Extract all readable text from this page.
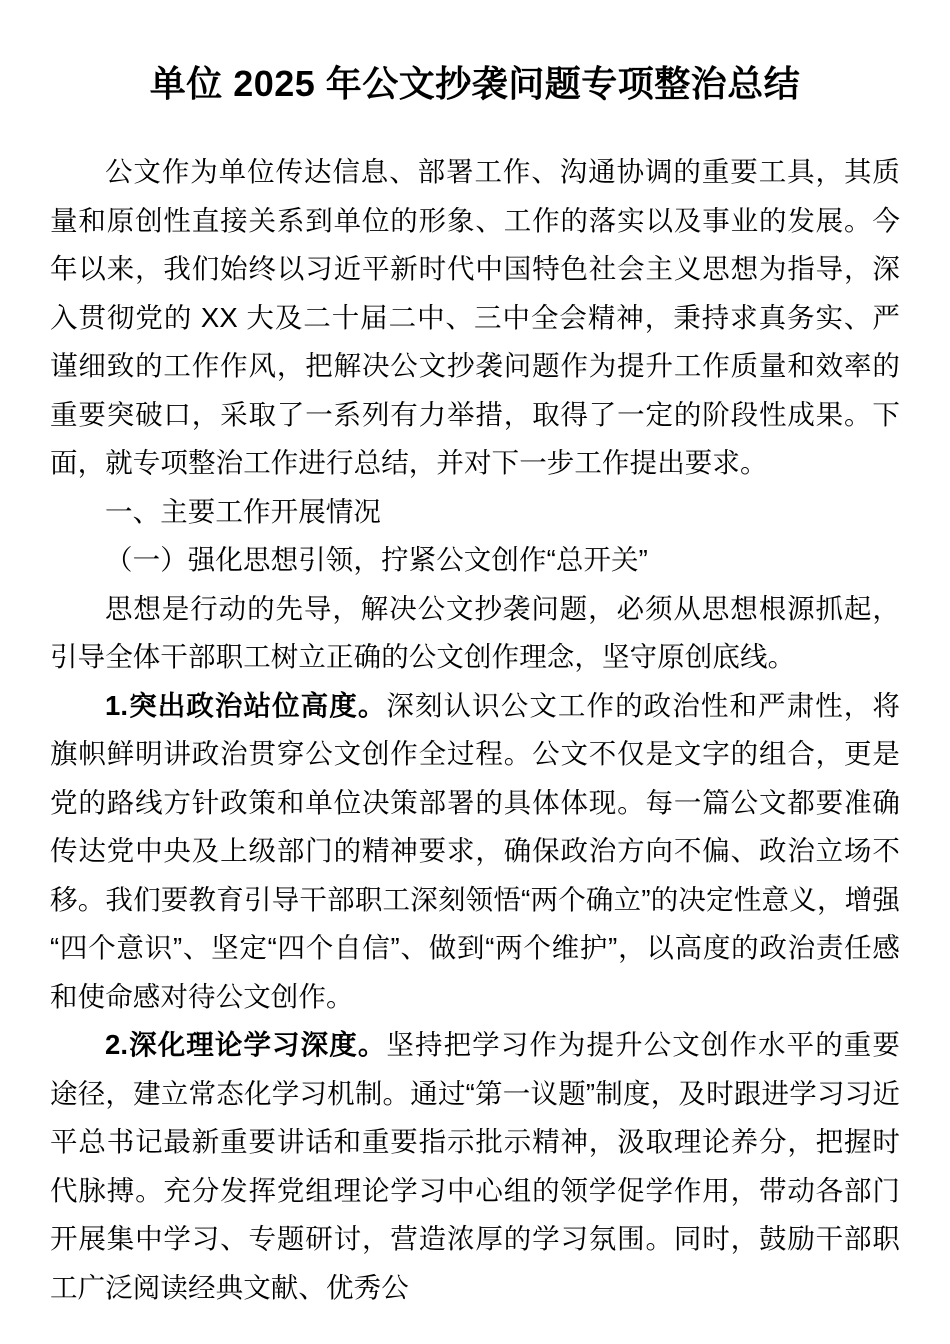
单位 2025 年公文抄袭问题专项整治总结

公文作为单位传达信息、部署工作、沟通协调的重要工具，其质量和原创性直接关系到单位的形象、工作的落实以及事业的发展。今年以来，我们始终以习近平新时代中国特色社会主义思想为指导，深入贯彻党的 XX 大及二十届二中、三中全会精神，秉持求真务实、严谨细致的工作作风，把解决公文抄袭问题作为提升工作质量和效率的重要突破口，采取了一系列有力举措，取得了一定的阶段性成果。下面，就专项整治工作进行总结，并对下一步工作提出要求。

一、主要工作开展情况

（一）强化思想引领，拧紧公文创作“总开关”

思想是行动的先导，解决公文抄袭问题，必须从思想根源抓起，引导全体干部职工树立正确的公文创作理念，坚守原创底线。

1.突出政治站位高度。深刻认识公文工作的政治性和严肃性，将旗帜鲜明讲政治贯穿公文创作全过程。公文不仅是文字的组合，更是党的路线方针政策和单位决策部署的具体体现。每一篇公文都要准确传达党中央及上级部门的精神要求，确保政治方向不偏、政治立场不移。我们要教育引导干部职工深刻领悟“两个确立”的决定性意义，增强“四个意识”、坚定“四个自信”、做到“两个维护”，以高度的政治责任感和使命感对待公文创作。

2.深化理论学习深度。坚持把学习作为提升公文创作水平的重要途径，建立常态化学习机制。通过“第一议题”制度，及时跟进学习习近平总书记最新重要讲话和重要指示批示精神，汲取理论养分，把握时代脉搏。充分发挥党组理论学习中心组的领学促学作用，带动各部门开展集中学习、专题研讨，营造浓厚的学习氛围。同时，鼓励干部职工广泛阅读经典文献、优秀公
